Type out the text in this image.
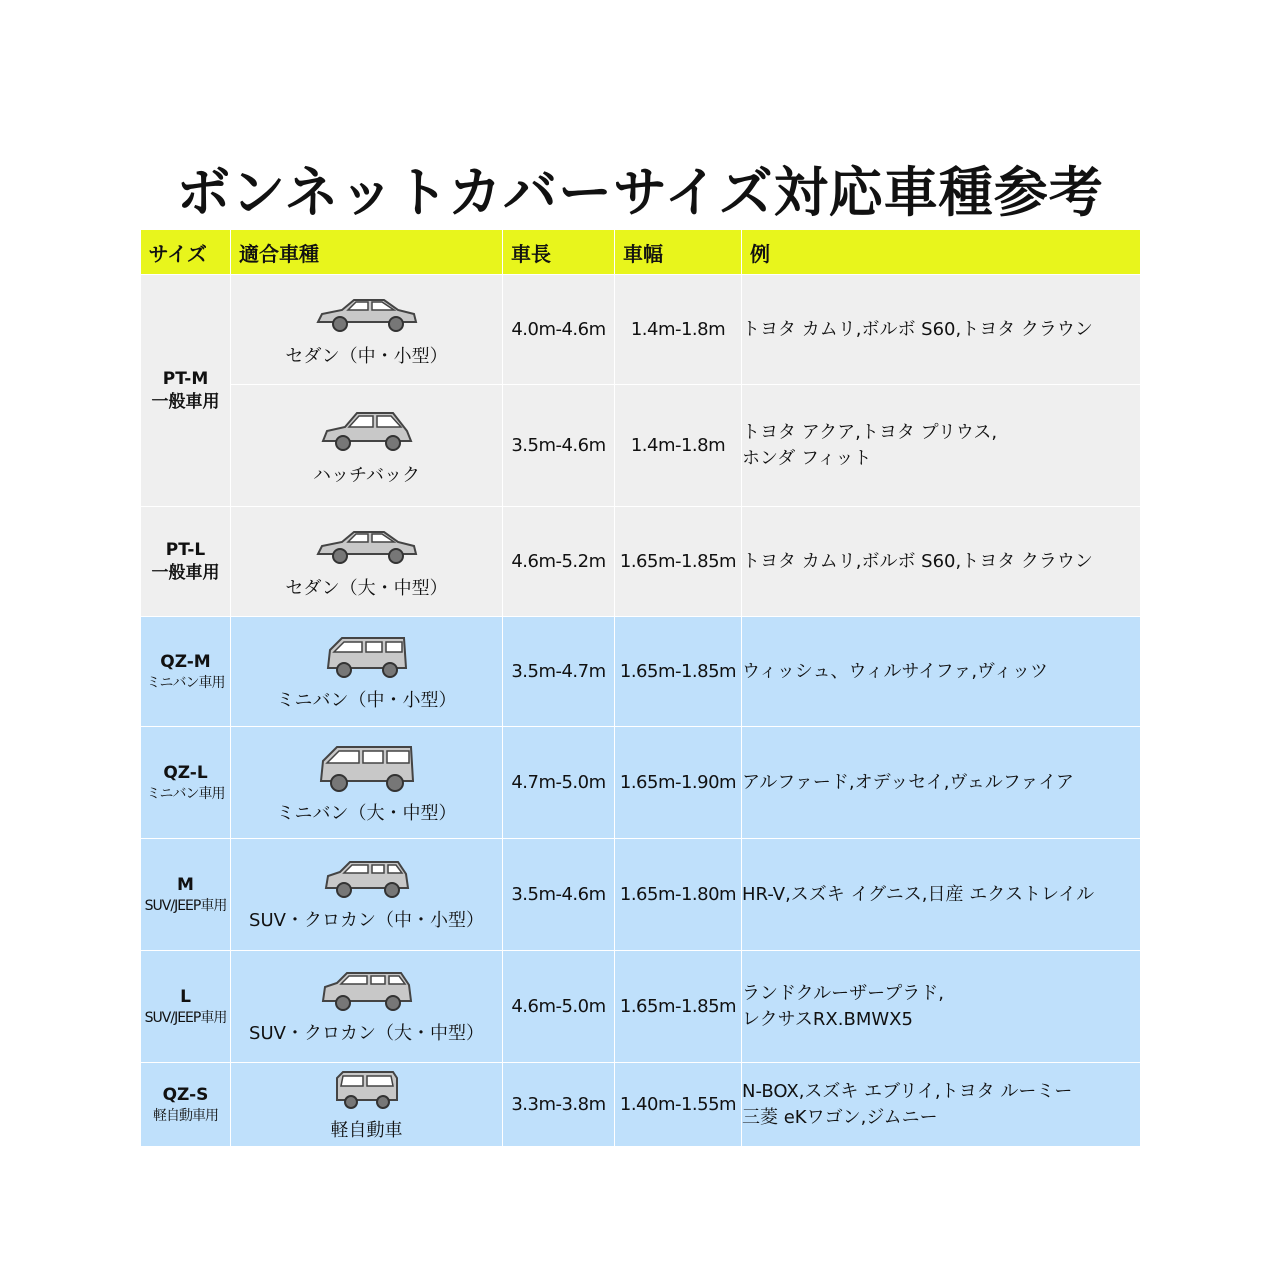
ボンネットカバーサイズ対応車種参考
サイズ	適合車種	車長	車幅	例

PT-M
一般車用	セダン（中・小型）	4.0m-4.6m	1.4m-1.8m	トヨタ カムリ,ボルボ S60,トヨタ クラウン

ハッチバック	3.5m-4.6m	1.4m-1.8m	トヨタ アクア,トヨタ プリウス,
ホンダ フィット

PT-L
一般車用	セダン（大・中型）	4.6m-5.2m	1.65m-1.85m	トヨタ カムリ,ボルボ S60,トヨタ クラウン

QZ-M
ミニバン車用	ミニバン（中・小型）	3.5m-4.7m	1.65m-1.85m	ウィッシュ、ウィルサイファ,ヴィッツ

QZ-L
ミニバン車用	ミニバン（大・中型）	4.7m-5.0m	1.65m-1.90m	アルファード,オデッセイ,ヴェルファイア

M
SUV/JEEP車用	SUV・クロカン（中・小型）	3.5m-4.6m	1.65m-1.80m	HR-V,スズキ イグニス,日産 エクストレイル

L
SUV/JEEP車用	SUV・クロカン（大・中型）	4.6m-5.0m	1.65m-1.85m	ランドクルーザープラド,
レクサスRX.BMWX5

QZ-S
軽自動車用	軽自動車	3.3m-3.8m	1.40m-1.55m	N-BOX,スズキ エブリイ,トヨタ ルーミー
三菱 eKワゴン,ジムニー
